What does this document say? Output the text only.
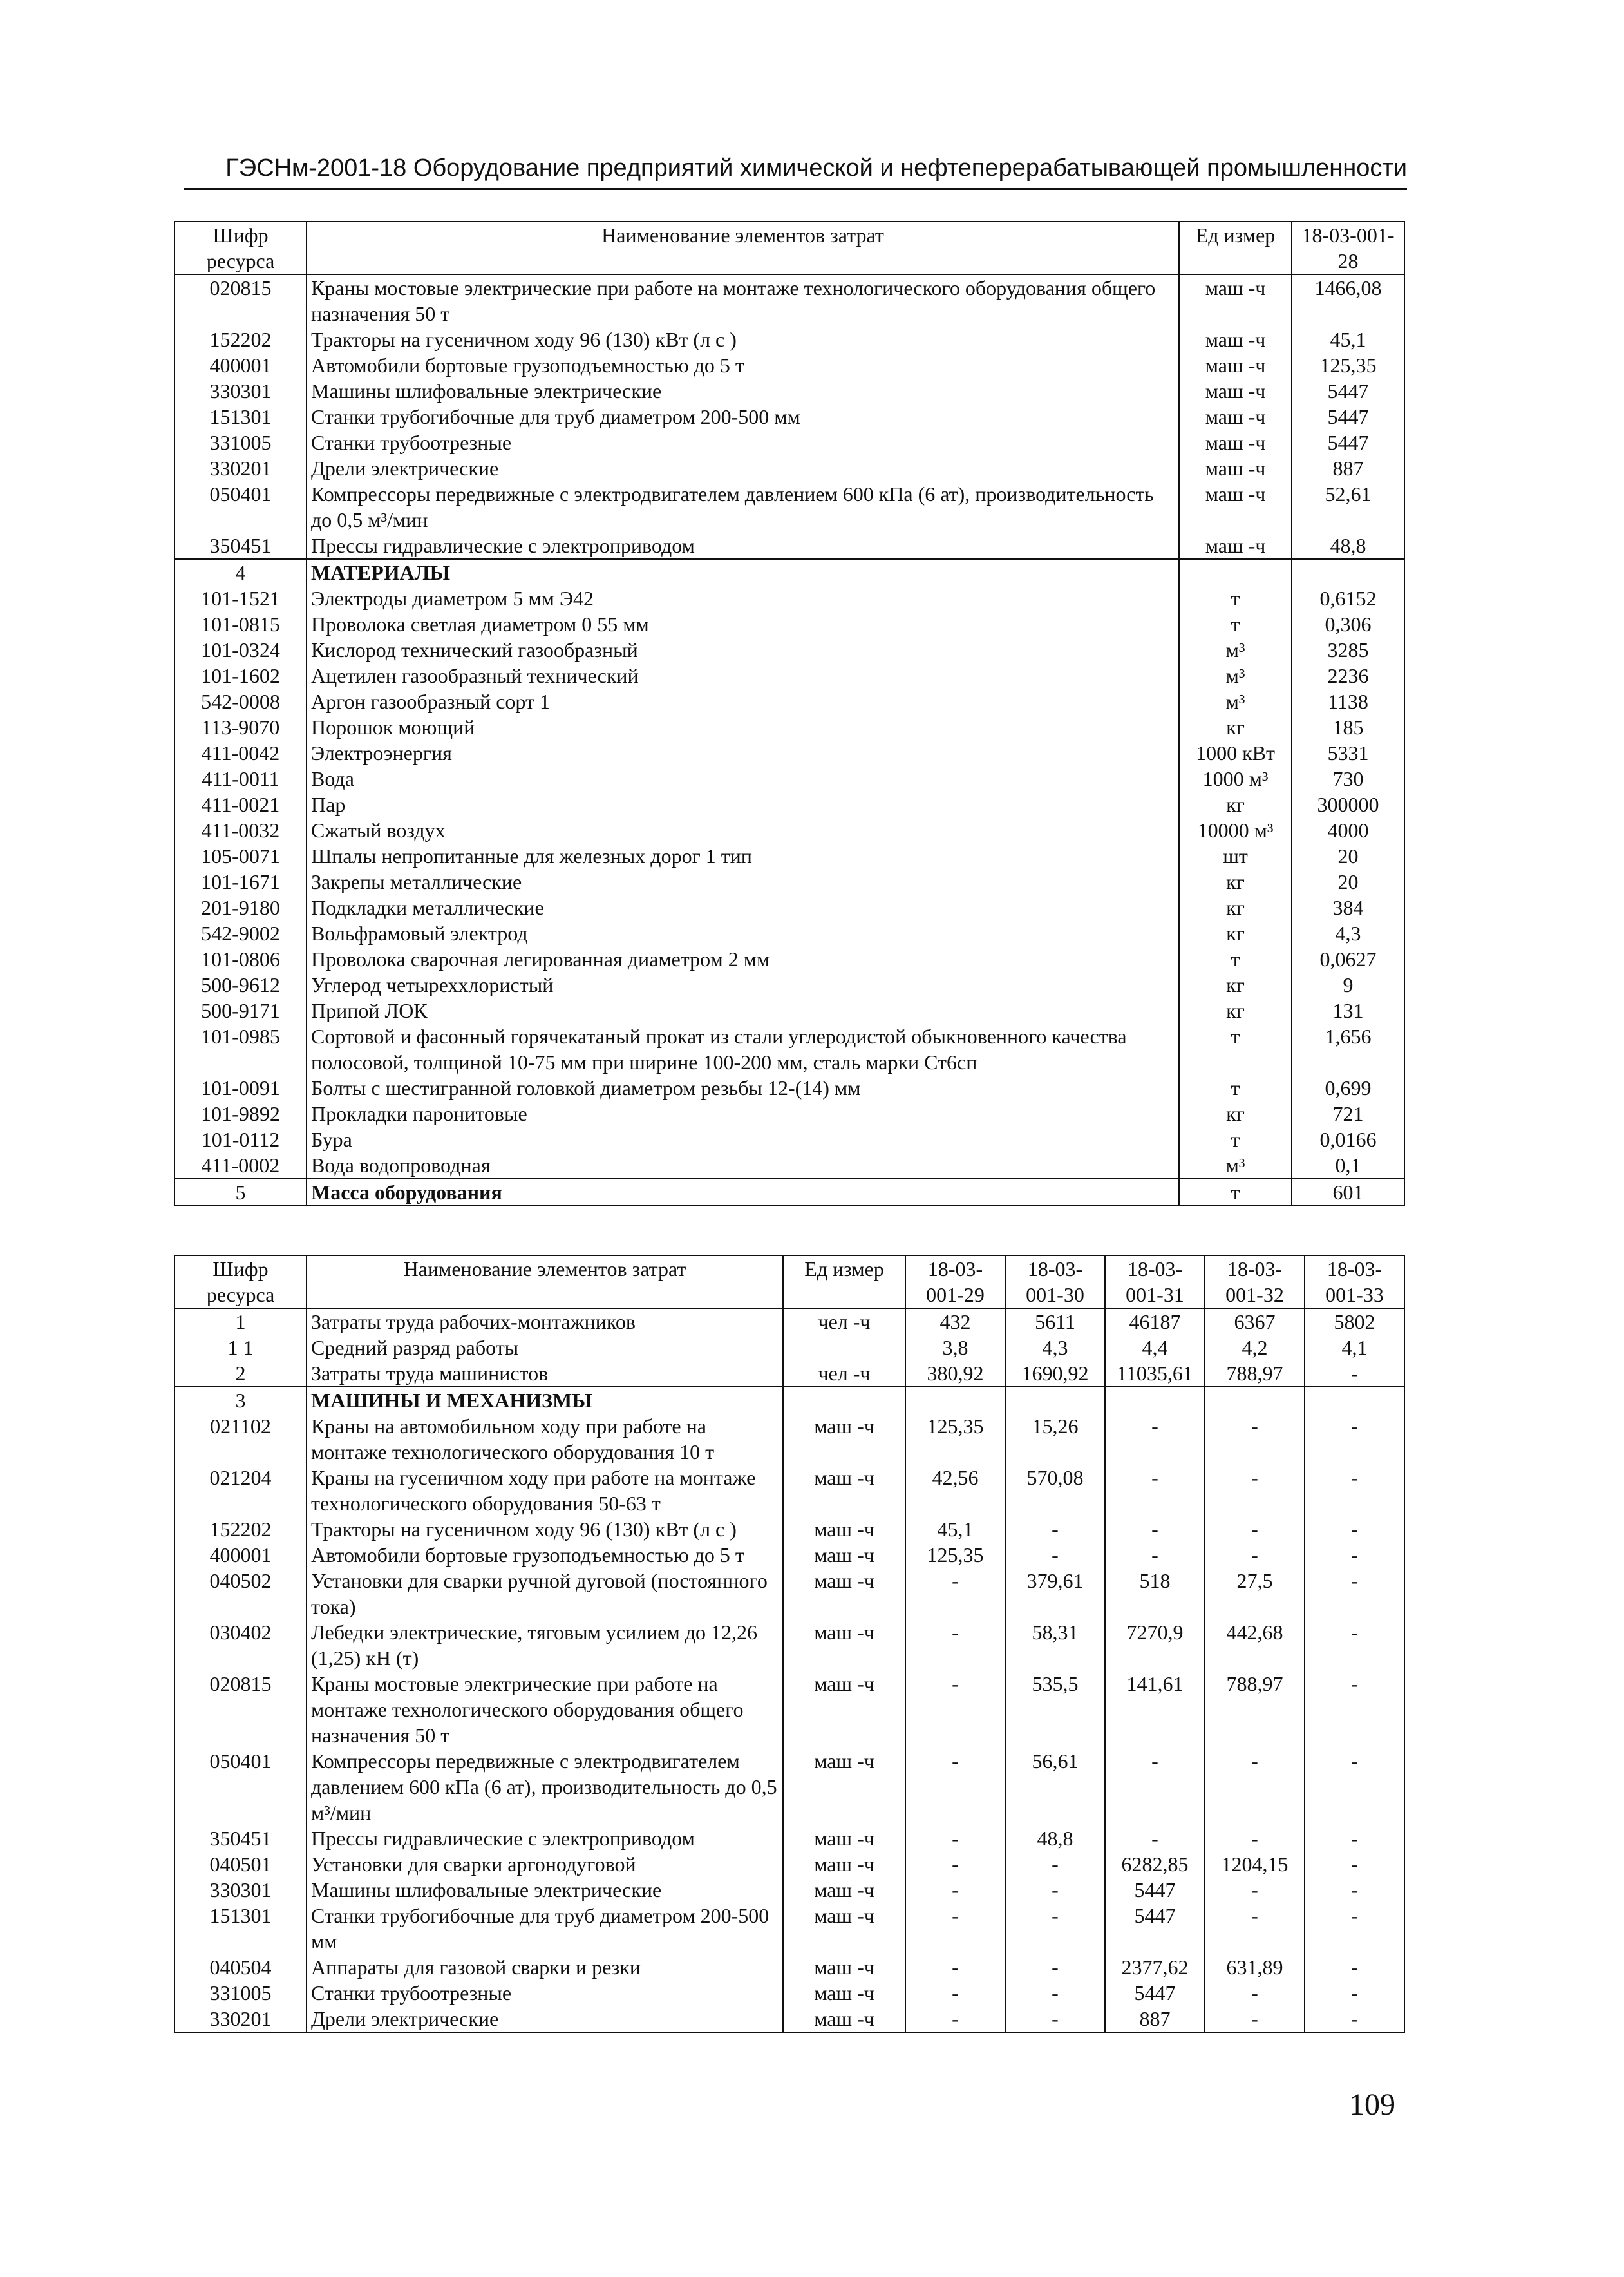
ГЭСНм-2001-18 Оборудование предприятий химической и нефтеперерабатывающей промышленности
Шифр ресурса	Наименование элементов затрат	Ед измер	18-03-001-28
020815	Краны мостовые электрические при работе на монтаже технологического оборудования общего назначения 50 т	маш -ч	1466,08
152202	Тракторы на гусеничном ходу 96 (130) кВт (л с )	маш -ч	45,1
400001	Автомобили бортовые грузоподъемностью до 5 т	маш -ч	125,35
330301	Машины шлифовальные электрические	маш -ч	5447
151301	Станки трубогибочные для труб диаметром 200-500 мм	маш -ч	5447
331005	Станки трубоотрезные	маш -ч	5447
330201	Дрели электрические	маш -ч	887
050401	Компрессоры передвижные с электродвигателем давлением 600 кПа (6 ат), производительность до 0,5 м³/мин	маш -ч	52,61
350451	Прессы гидравлические с электроприводом	маш -ч	48,8
4	МАТЕРИАЛЫ		
101-1521	Электроды диаметром 5 мм Э42	т	0,6152
101-0815	Проволока светлая диаметром 0 55 мм	т	0,306
101-0324	Кислород технический газообразный	м³	3285
101-1602	Ацетилен газообразный технический	м³	2236
542-0008	Аргон газообразный сорт 1	м³	1138
113-9070	Порошок моющий	кг	185
411-0042	Электроэнергия	1000 кВт	5331
411-0011	Вода	1000 м³	730
411-0021	Пар	кг	300000
411-0032	Сжатый воздух	10000 м³	4000
105-0071	Шпалы непропитанные для железных дорог 1 тип	шт	20
101-1671	Закрепы металлические	кг	20
201-9180	Подкладки металлические	кг	384
542-9002	Вольфрамовый электрод	кг	4,3
101-0806	Проволока сварочная легированная диаметром 2 мм	т	0,0627
500-9612	Углерод четыреххлористый	кг	9
500-9171	Припой ЛОК	кг	131
101-0985	Сортовой и фасонный горячекатаный прокат из стали углеродистой обыкновенного качества полосовой, толщиной 10-75 мм при ширине 100-200 мм, сталь марки Ст6сп	т	1,656
101-0091	Болты с шестигранной головкой диаметром резьбы 12-(14) мм	т	0,699
101-9892	Прокладки паронитовые	кг	721
101-0112	Бура	т	0,0166
411-0002	Вода водопроводная	м³	0,1
5	Масса оборудования	т	601
Шифр ресурса	Наименование элементов затрат	Ед измер	18-03-001-29	18-03-001-30	18-03-001-31	18-03-001-32	18-03-001-33
1	Затраты труда рабочих-монтажников	чел -ч	432	5611	46187	6367	5802
1 1	Средний разряд работы		3,8	4,3	4,4	4,2	4,1
2	Затраты труда машинистов	чел -ч	380,92	1690,92	11035,61	788,97	-
3	МАШИНЫ И МЕХАНИЗМЫ						
021102	Краны на автомобильном ходу при работе на монтаже технологического оборудования 10 т	маш -ч	125,35	15,26	-	-	-
021204	Краны на гусеничном ходу при работе на монтаже технологического оборудования 50-63 т	маш -ч	42,56	570,08	-	-	-
152202	Тракторы на гусеничном ходу 96 (130) кВт (л с )	маш -ч	45,1	-	-	-	-
400001	Автомобили бортовые грузоподъемностью до 5 т	маш -ч	125,35	-	-	-	-
040502	Установки для сварки ручной дуговой (постоянного тока)	маш -ч	-	379,61	518	27,5	-
030402	Лебедки электрические, тяговым усилием до 12,26 (1,25) кН (т)	маш -ч	-	58,31	7270,9	442,68	-
020815	Краны мостовые электрические при работе на монтаже технологического оборудования общего назначения 50 т	маш -ч	-	535,5	141,61	788,97	-
050401	Компрессоры передвижные с электродвигателем давлением 600 кПа (6 ат), производительность до 0,5 м³/мин	маш -ч	-	56,61	-	-	-
350451	Прессы гидравлические с электроприводом	маш -ч	-	48,8	-	-	-
040501	Установки для сварки аргонодуговой	маш -ч	-	-	6282,85	1204,15	-
330301	Машины шлифовальные электрические	маш -ч	-	-	5447	-	-
151301	Станки трубогибочные для труб диаметром 200-500 мм	маш -ч	-	-	5447	-	-
040504	Аппараты для газовой сварки и резки	маш -ч	-	-	2377,62	631,89	-
331005	Станки трубоотрезные	маш -ч	-	-	5447	-	-
330201	Дрели электрические	маш -ч	-	-	887	-	-
109
